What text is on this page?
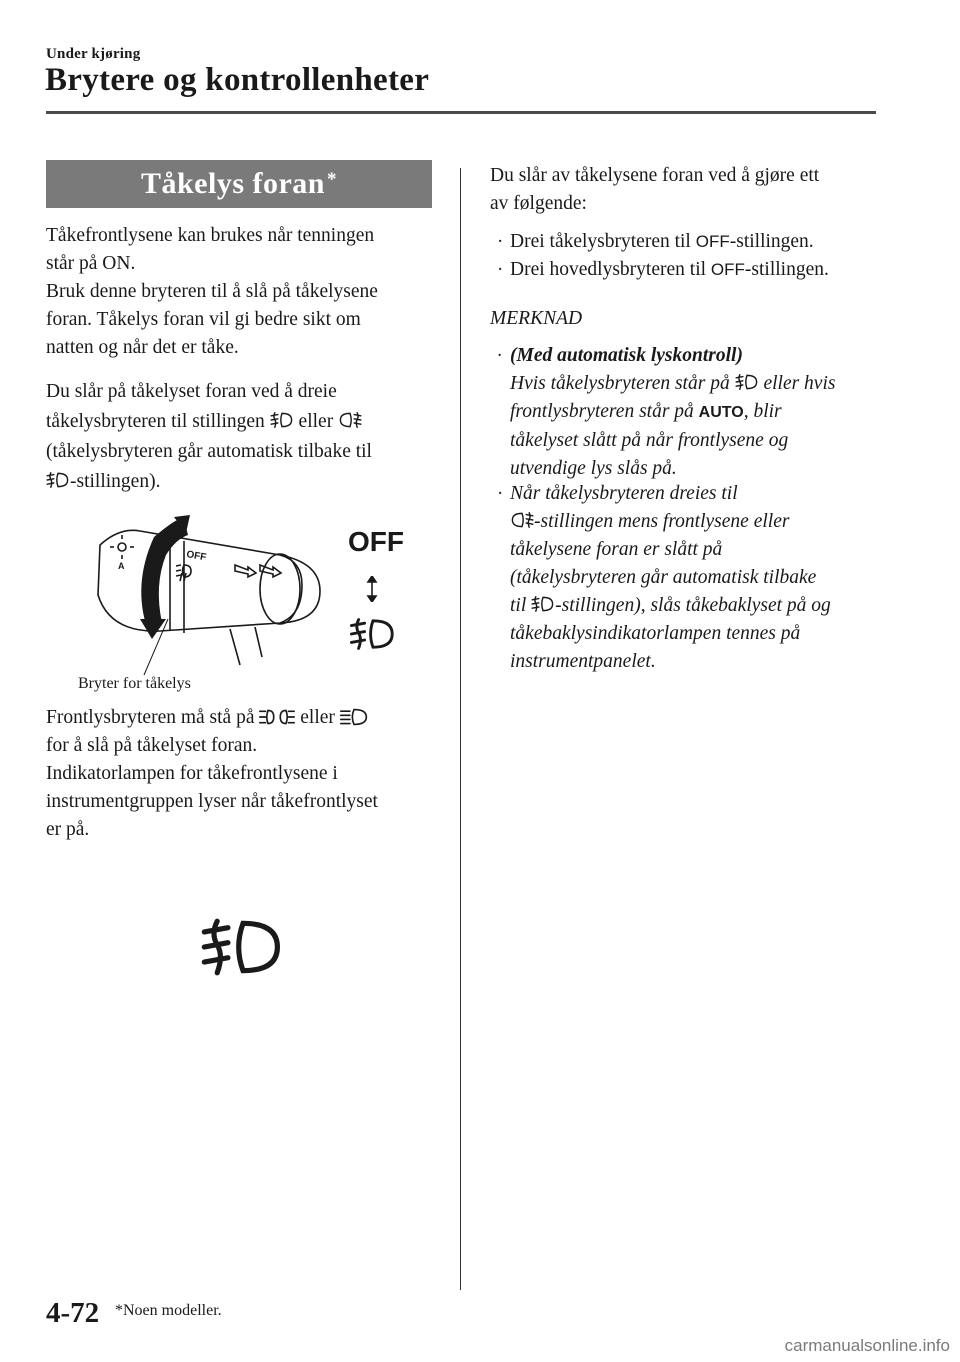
Under kjøring
Brytere og kontrollenheter
Tåkelys foran*
Tåkefrontlysene kan brukes når tenningen
står på ON.
Bruk denne bryteren til å slå på tåkelysene
foran. Tåkelys foran vil gi bedre sikt om
natten og når det er tåke.
Du slår på tåkelyset foran ved å dreie
tåkelysbryteren til stillingen eller
(tåkelysbryteren går automatisk tilbake til
-stillingen).
OFF
A
OFF
Bryter for tåkelys
Frontlysbryteren må stå på eller
for å slå på tåkelyset foran.
Indikatorlampen for tåkefrontlysene i
instrumentgruppen lyser når tåkefrontlyset
er på.
Du slår av tåkelysene foran ved å gjøre ett
av følgende:
· Drei tåkelysbryteren til OFF-stillingen.
· Drei hovedlysbryteren til OFF-stillingen.
MERKNAD
· (Med automatisk lyskontroll)
Hvis tåkelysbryteren står på eller hvis
frontlysbryteren står på AUTO, blir
tåkelyset slått på når frontlysene og
utvendige lys slås på.
· Når tåkelysbryteren dreies til
-stillingen mens frontlysene eller
tåkelysene foran er slått på
(tåkelysbryteren går automatisk tilbake
til -stillingen), slås tåkebaklyset på og
tåkebaklysindikatorlampen tennes på
instrumentpanelet.
4-72 *Noen modeller.
carmanualsonline.info
